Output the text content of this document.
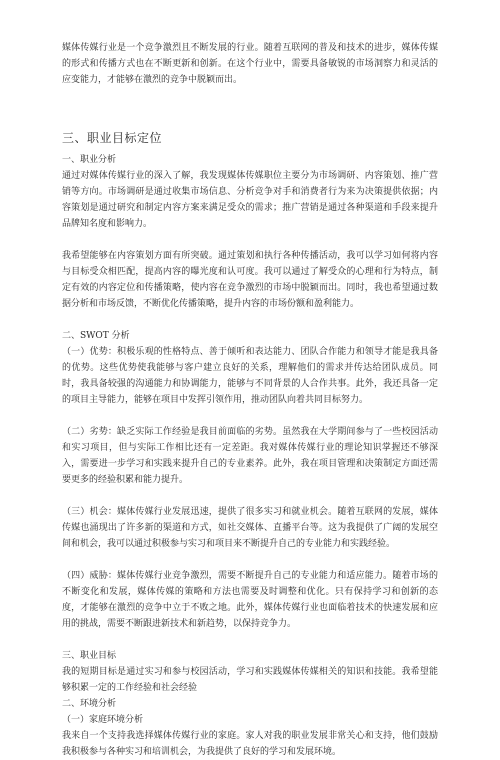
媒体传媒行业是一个竞争激烈且不断发展的行业。随着互联网的普及和技术的进步，媒体传媒的形式和传播方式也在不断更新和创新。在这个行业中，需要具备敏锐的市场洞察力和灵活的应变能力，才能够在激烈的竞争中脱颖而出。

三、职业目标定位
一、职业分析

通过对媒体传媒行业的深入了解，我发现媒体传媒职位主要分为市场调研、内容策划、推广营销等方向。市场调研是通过收集市场信息、分析竞争对手和消费者行为来为决策提供依据；内容策划是通过研究和制定内容方案来满足受众的需求；推广营销是通过各种渠道和手段来提升品牌知名度和影响力。

我希望能够在内容策划方面有所突破。通过策划和执行各种传播活动，我可以学习如何将内容与目标受众相匹配，提高内容的曝光度和认可度。我可以通过了解受众的心理和行为特点，制定有效的内容定位和传播策略，使内容在竞争激烈的市场中脱颖而出。同时，我也希望通过数据分析和市场反馈，不断优化传播策略，提升内容的市场份额和盈利能力。

二、SWOT 分析

（一）优势：积极乐观的性格特点、善于倾听和表达能力、团队合作能力和领导才能是我具备的优势。这些优势使我能够与客户建立良好的关系，理解他们的需求并传达给团队成员。同时，我具备较强的沟通能力和协调能力，能够与不同背景的人合作共事。此外，我还具备一定的项目主导能力，能够在项目中发挥引领作用，推动团队向着共同目标努力。

（二）劣势：缺乏实际工作经验是我目前面临的劣势。虽然我在大学期间参与了一些校园活动和实习项目，但与实际工作相比还有一定差距。我对媒体传媒行业的理论知识掌握还不够深入，需要进一步学习和实践来提升自己的专业素养。此外，我在项目管理和决策制定方面还需要更多的经验积累和能力提升。

（三）机会：媒体传媒行业发展迅速，提供了很多实习和就业机会。随着互联网的发展，媒体传媒也涌现出了许多新的渠道和方式，如社交媒体、直播平台等。这为我提供了广阔的发展空间和机会，我可以通过积极参与实习和项目来不断提升自己的专业能力和实践经验。

（四）威胁：媒体传媒行业竞争激烈，需要不断提升自己的专业能力和适应能力。随着市场的不断变化和发展，媒体传媒的策略和方法也需要及时调整和优化。只有保持学习和创新的态度，才能够在激烈的竞争中立于不败之地。此外，媒体传媒行业也面临着技术的快速发展和应用的挑战，需要不断跟进新技术和新趋势，以保持竞争力。

三、职业目标

我的短期目标是通过实习和参与校园活动，学习和实践媒体传媒相关的知识和技能。我希望能够积累一定的工作经验和社会经验

二、环境分析
（一）家庭环境分析

我来自一个支持我选择媒体传媒行业的家庭。家人对我的职业发展非常关心和支持，他们鼓励我积极参与各种实习和培训机会，为我提供了良好的学习和发展环境。
